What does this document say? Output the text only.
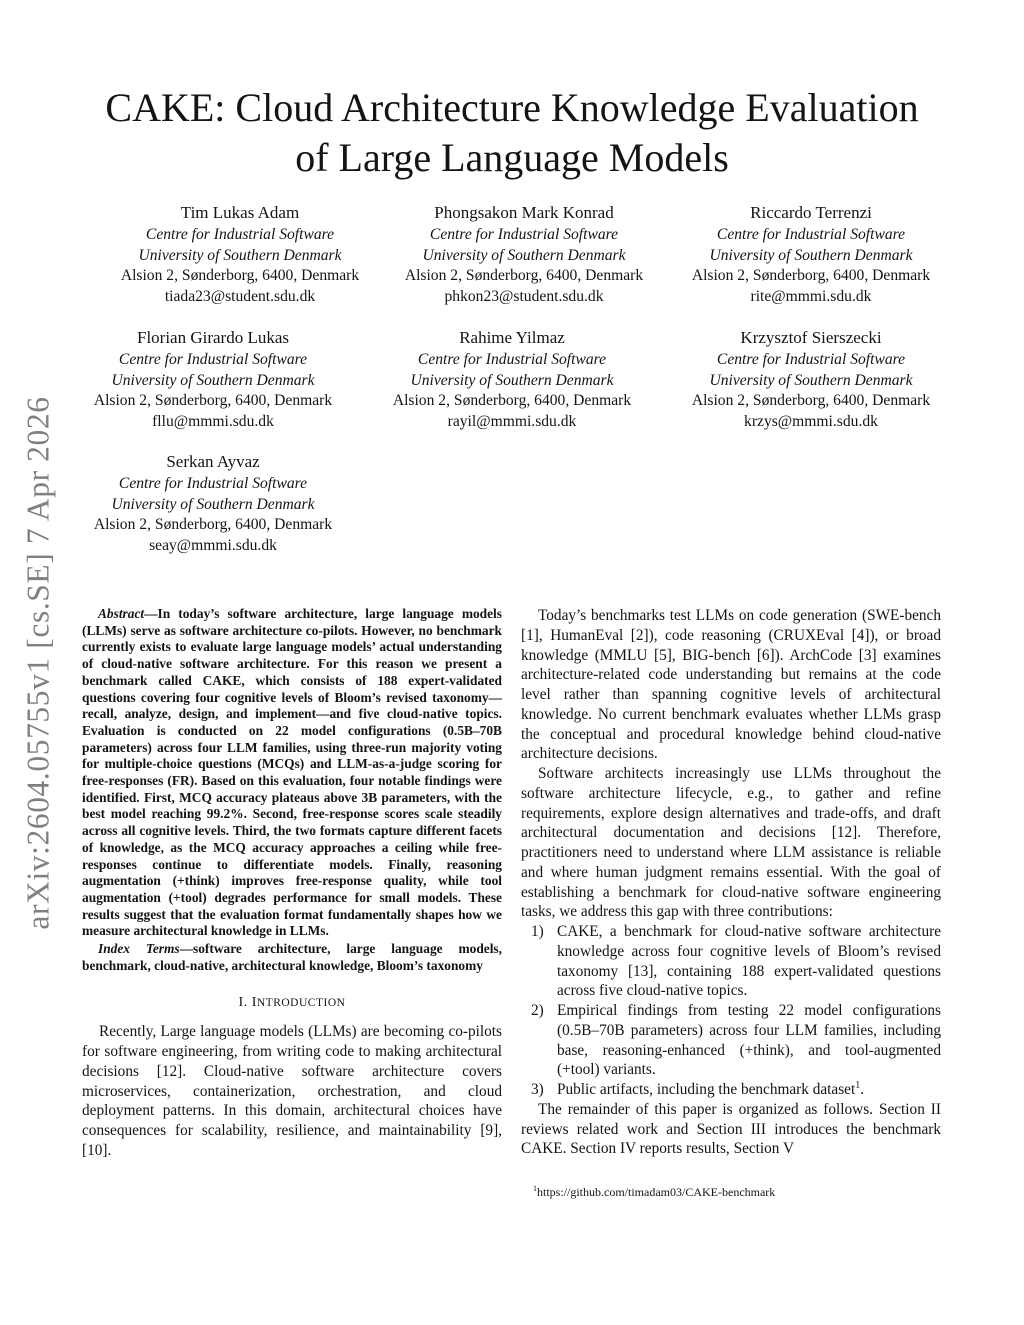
arXiv:2604.05755v1 [cs.SE] 7 Apr 2026
CAKE: Cloud Architecture Knowledge Evaluation
of Large Language Models
Tim Lukas Adam
Centre for Industrial Software
University of Southern Denmark
Alsion 2, Sønderborg, 6400, Denmark
tiada23@student.sdu.dk
Phongsakon Mark Konrad
Centre for Industrial Software
University of Southern Denmark
Alsion 2, Sønderborg, 6400, Denmark
phkon23@student.sdu.dk
Riccardo Terrenzi
Centre for Industrial Software
University of Southern Denmark
Alsion 2, Sønderborg, 6400, Denmark
rite@mmmi.sdu.dk
Florian Girardo Lukas
Centre for Industrial Software
University of Southern Denmark
Alsion 2, Sønderborg, 6400, Denmark
fllu@mmmi.sdu.dk
Rahime Yilmaz
Centre for Industrial Software
University of Southern Denmark
Alsion 2, Sønderborg, 6400, Denmark
rayil@mmmi.sdu.dk
Krzysztof Sierszecki
Centre for Industrial Software
University of Southern Denmark
Alsion 2, Sønderborg, 6400, Denmark
krzys@mmmi.sdu.dk
Serkan Ayvaz
Centre for Industrial Software
University of Southern Denmark
Alsion 2, Sønderborg, 6400, Denmark
seay@mmmi.sdu.dk

Abstract—In today’s software architecture, large language models (LLMs) serve as software architecture co-pilots. However, no benchmark currently exists to evaluate large language models’ actual understanding of cloud-native software architecture. For this reason we present a benchmark called CAKE, which consists of 188 expert-validated questions covering four cognitive levels of Bloom’s revised taxonomy—recall, analyze, design, and implement—and five cloud-native topics. Evaluation is conducted on 22 model configurations (0.5B–70B parameters) across four LLM families, using three-run majority voting for multiple-choice questions (MCQs) and LLM-as-a-judge scoring for free-responses (FR). Based on this evaluation, four notable findings were identified. First, MCQ accuracy plateaus above 3B parameters, with the best model reaching 99.2%. Second, free-response scores scale steadily across all cognitive levels. Third, the two formats capture different facets of knowledge, as the MCQ accuracy approaches a ceiling while free-responses continue to differentiate models. Finally, reasoning augmentation (+think) improves free-response quality, while tool augmentation (+tool) degrades performance for small models. These results suggest that the evaluation format fundamentally shapes how we measure architectural knowledge in LLMs.

Index Terms—software architecture, large language models, benchmark, cloud-native, architectural knowledge, Bloom’s taxonomy

I. INTRODUCTION

Recently, Large language models (LLMs) are becoming co-pilots for software engineering, from writing code to making architectural decisions [12]. Cloud-native software architecture covers microservices, containerization, orchestration, and cloud deployment patterns. In this domain, architectural choices have consequences for scalability, resilience, and maintainability [9], [10].

Today’s benchmarks test LLMs on code generation (SWE-bench [1], HumanEval [2]), code reasoning (CRUXEval [4]), or broad knowledge (MMLU [5], BIG-bench [6]). ArchCode [3] examines architecture-related code understanding but remains at the code level rather than spanning cognitive levels of architectural knowledge. No current benchmark evaluates whether LLMs grasp the conceptual and procedural knowledge behind cloud-native architecture decisions.

Software architects increasingly use LLMs throughout the software architecture lifecycle, e.g., to gather and refine requirements, explore design alternatives and trade-offs, and draft architectural documentation and decisions [12]. Therefore, practitioners need to understand where LLM assistance is reliable and where human judgment remains essential. With the goal of establishing a benchmark for cloud-native software engineering tasks, we address this gap with three contributions:

1) CAKE, a benchmark for cloud-native software architecture knowledge across four cognitive levels of Bloom’s revised taxonomy [13], containing 188 expert-validated questions across five cloud-native topics.
2) Empirical findings from testing 22 model configurations (0.5B–70B parameters) across four LLM families, including base, reasoning-enhanced (+think), and tool-augmented (+tool) variants.
3) Public artifacts, including the benchmark dataset$^1$.

The remainder of this paper is organized as follows. Section II reviews related work and Section III introduces the benchmark CAKE. Section IV reports results, Section V

$^1$https://github.com/timadam03/CAKE-benchmark
